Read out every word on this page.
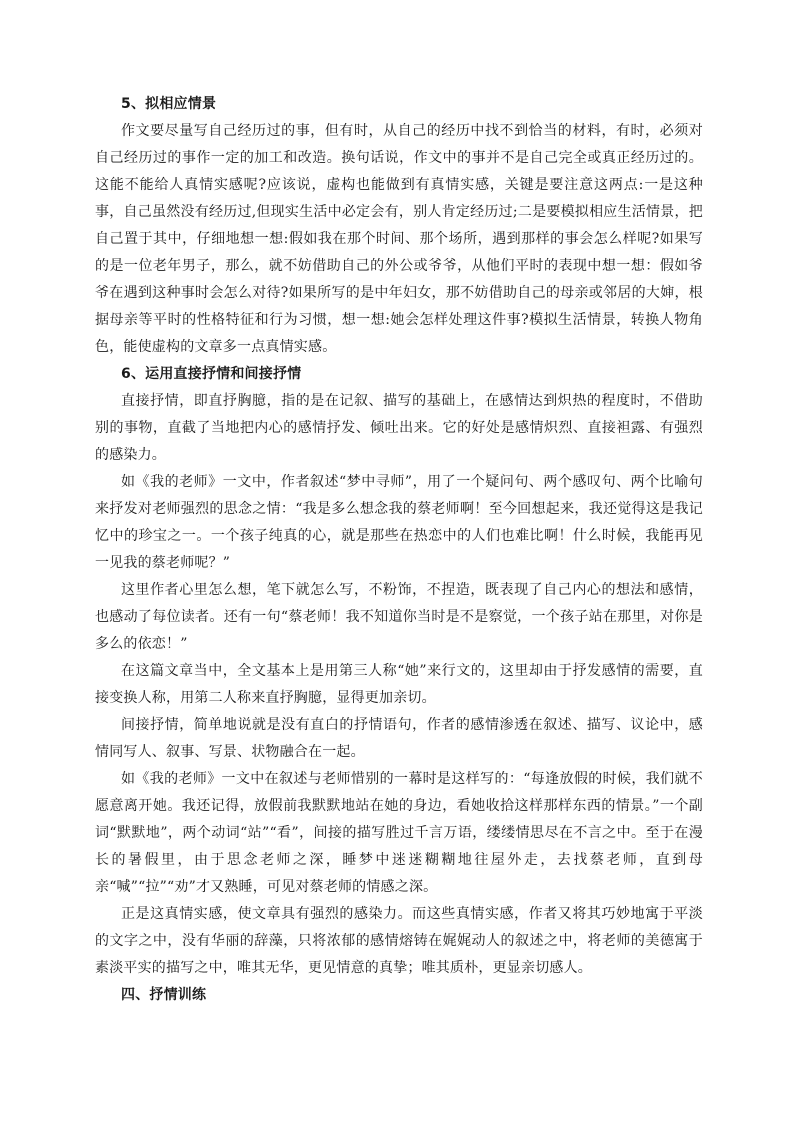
5、拟相应情景

作文要尽量写自己经历过的事，但有时，从自己的经历中找不到恰当的材料，有时，必须对自己经历过的事作一定的加工和改造。换句话说，作文中的事并不是自己完全或真正经历过的。这能不能给人真情实感呢?应该说，虚构也能做到有真情实感，关键是要注意这两点:一是这种事，自己虽然没有经历过,但现实生活中必定会有，别人肯定经历过;二是要模拟相应生活情景，把自己置于其中，仔细地想一想:假如我在那个时间、那个场所，遇到那样的事会怎么样呢?如果写的是一位老年男子，那么，就不妨借助自己的外公或爷爷，从他们平时的表现中想一想：假如爷爷在遇到这种事时会怎么对待?如果所写的是中年妇女，那不妨借助自己的母亲或邻居的大婶，根据母亲等平时的性格特征和行为习惯，想一想:她会怎样处理这件事?模拟生活情景，转换人物角色，能使虚构的文章多一点真情实感。

6、运用直接抒情和间接抒情

直接抒情，即直抒胸臆，指的是在记叙、描写的基础上，在感情达到炽热的程度时，不借助别的事物，直截了当地把内心的感情抒发、倾吐出来。它的好处是感情炽烈、直接袒露、有强烈的感染力。

如《我的老师》一文中，作者叙述“梦中寻师”，用了一个疑问句、两个感叹句、两个比喻句来抒发对老师强烈的思念之情：“我是多么想念我的蔡老师啊！至今回想起来，我还觉得这是我记忆中的珍宝之一。一个孩子纯真的心，就是那些在热恋中的人们也难比啊！什么时候，我能再见一见我的蔡老师呢？”

这里作者心里怎么想，笔下就怎么写，不粉饰，不捏造，既表现了自己内心的想法和感情，也感动了每位读者。还有一句“蔡老师！我不知道你当时是不是察觉，一个孩子站在那里，对你是多么的依恋！”

在这篇文章当中，全文基本上是用第三人称“她”来行文的，这里却由于抒发感情的需要，直接变换人称，用第二人称来直抒胸臆，显得更加亲切。

间接抒情，简单地说就是没有直白的抒情语句，作者的感情渗透在叙述、描写、议论中，感情同写人、叙事、写景、状物融合在一起。

如《我的老师》一文中在叙述与老师惜别的一幕时是这样写的：“每逢放假的时候，我们就不愿意离开她。我还记得，放假前我默默地站在她的身边，看她收拾这样那样东西的情景。”一个副词“默默地”，两个动词“站”“看”，间接的描写胜过千言万语，缕缕情思尽在不言之中。至于在漫长的暑假里，由于思念老师之深，睡梦中迷迷糊糊地往屋外走，去找蔡老师，直到母亲“喊”“拉”“劝”才又熟睡，可见对蔡老师的情感之深。

正是这真情实感，使文章具有强烈的感染力。而这些真情实感，作者又将其巧妙地寓于平淡的文字之中，没有华丽的辞藻，只将浓郁的感情熔铸在娓娓动人的叙述之中，将老师的美德寓于素淡平实的描写之中，唯其无华，更见情意的真挚；唯其质朴，更显亲切感人。

四、抒情训练
